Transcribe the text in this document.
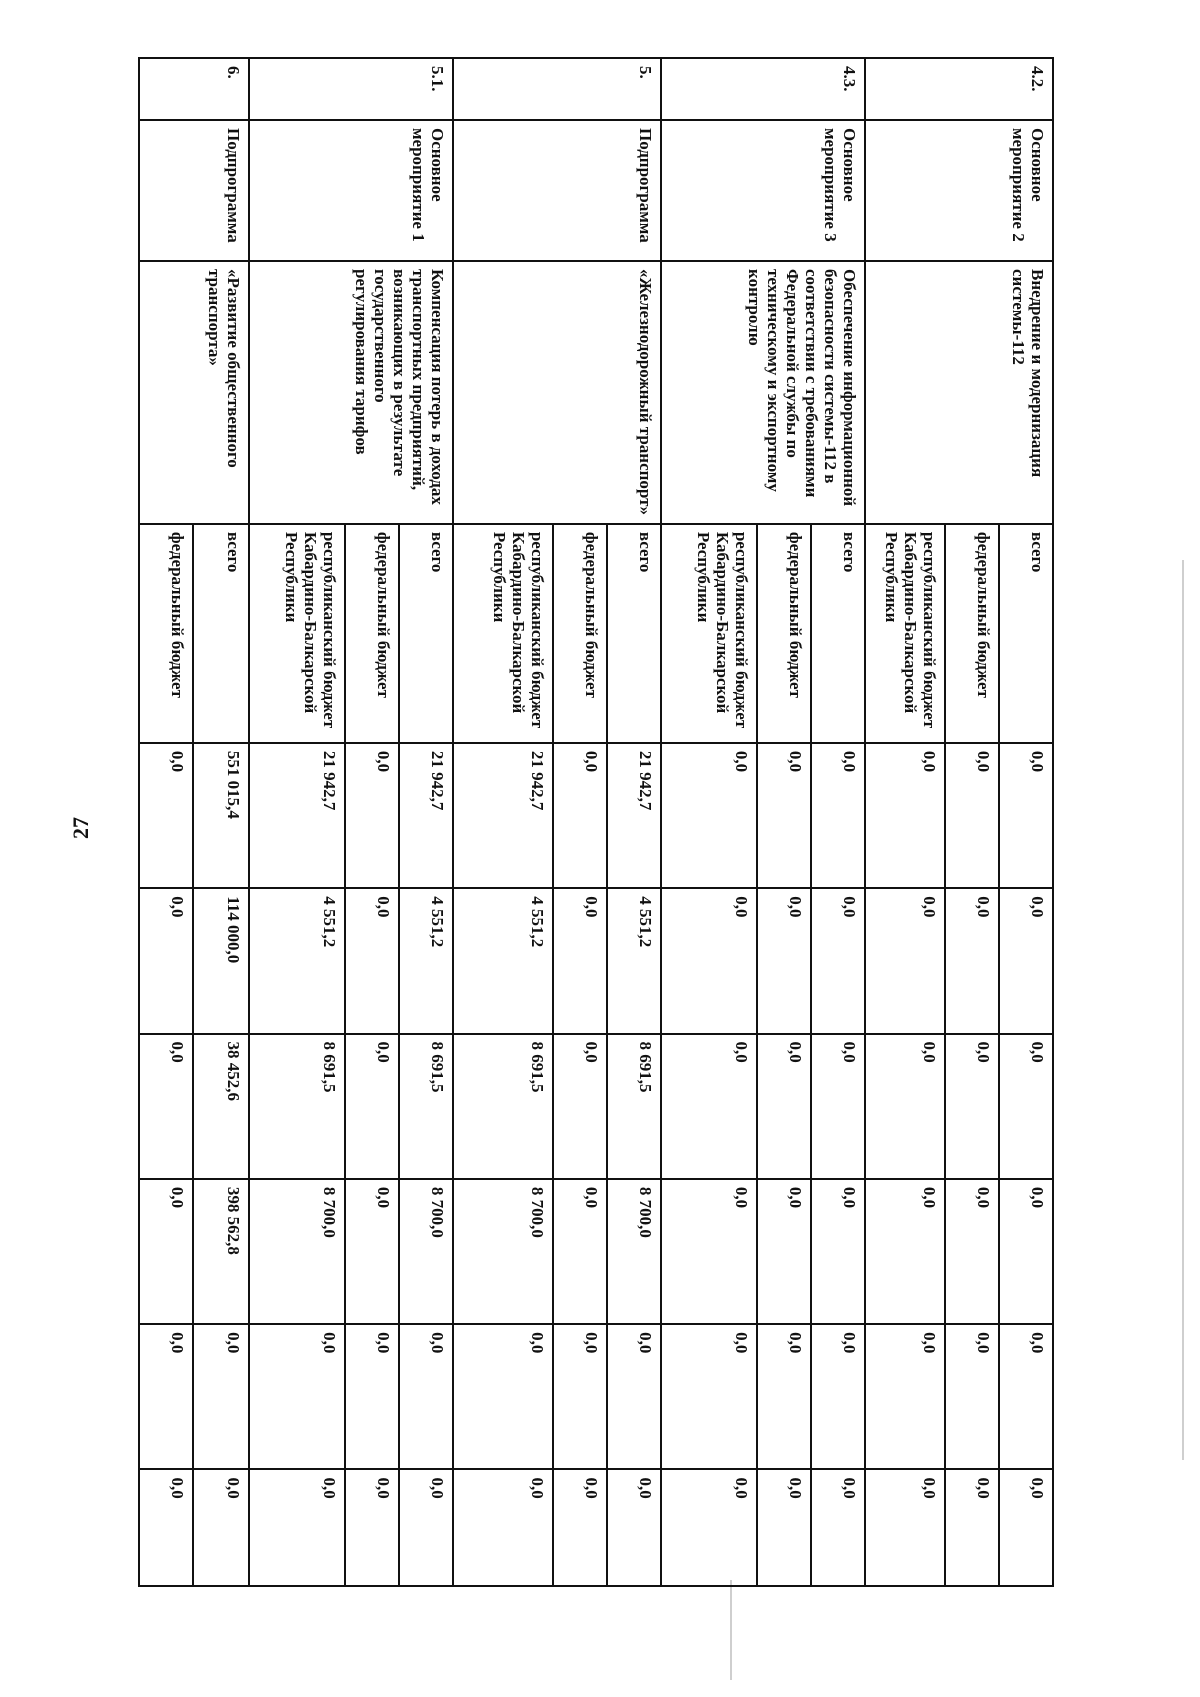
27
4.2.	Основное мероприятие 2	Внедрение и модернизация системы-112	всего	0,0	0,0	0,0	0,0	0,0	0,0
			федеральный бюджет	0,0	0,0	0,0	0,0	0,0	0,0
			республиканский бюджет Кабардино-Балкарской Республики	0,0	0,0	0,0	0,0	0,0	0,0
4.3.	Основное мероприятие 3	Обеспечение информационной безопасности системы-112 в соответствии с требованиями Федеральной службы по техническому и экспортному контролю	всего	0,0	0,0	0,0	0,0	0,0	0,0
			федеральный бюджет	0,0	0,0	0,0	0,0	0,0	0,0
			республиканский бюджет Кабардино-Балкарской Республики	0,0	0,0	0,0	0,0	0,0	0,0
5.	Подпрограмма	«Железнодорожный транспорт»	всего	21 942,7	4 551,2	8 691,5	8 700,0	0,0	0,0
			федеральный бюджет	0,0	0,0	0,0	0,0	0,0	0,0
			республиканский бюджет Кабардино-Балкарской Республики	21 942,7	4 551,2	8 691,5	8 700,0	0,0	0,0
5.1.	Основное мероприятие 1	Компенсация потерь в доходах транспортных предприятий, возникающих в результате государственного регулирования тарифов	всего	21 942,7	4 551,2	8 691,5	8 700,0	0,0	0,0
			федеральный бюджет	0,0	0,0	0,0	0,0	0,0	0,0
			республиканский бюджет Кабардино-Балкарской Республики	21 942,7	4 551,2	8 691,5	8 700,0	0,0	0,0
6.	Подпрограмма	«Развитие общественного транспорта»	всего	551 015,4	114 000,0	38 452,6	398 562,8	0,0	0,0
			федеральный бюджет	0,0	0,0	0,0	0,0	0,0	0,0
